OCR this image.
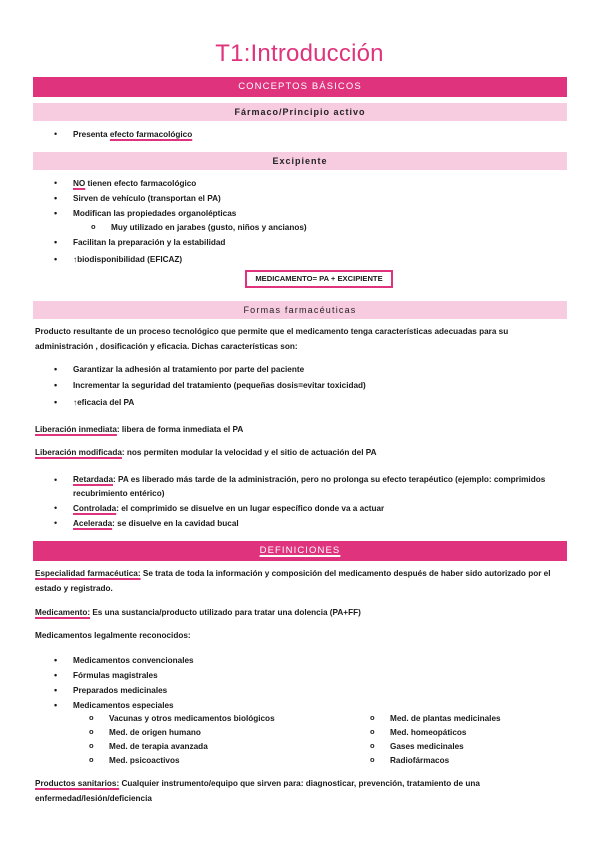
T1:Introducción
CONCEPTOS BÁSICOS
Fármaco/Principio activo
• Presenta efecto farmacológico
Excipiente
• NO tienen efecto farmacológico
• Sirven de vehículo (transportan el PA)
• Modifican las propiedades organolépticas
o Muy utilizado en jarabes (gusto, niños y ancianos)
• Facilitan la preparación y la estabilidad
• ↑biodisponibilidad (EFICAZ)
MEDICAMENTO= PA + EXCIPIENTE
Formas farmacéuticas
Producto resultante de un proceso tecnológico que permite que el medicamento tenga características adecuadas para su administración , dosificación y eficacia. Dichas características son:
• Garantizar la adhesión al tratamiento por parte del paciente
• Incrementar la seguridad del tratamiento (pequeñas dosis=evitar toxicidad)
• ↑eficacia del PA
Liberación inmediata: libera de forma inmediata el PA
Liberación modificada: nos permiten modular la velocidad y el sitio de actuación del PA
• Retardada: PA es liberado más tarde de la administración, pero no prolonga su efecto terapéutico (ejemplo: comprimidos recubrimiento entérico)
• Controlada: el comprimido se disuelve en un lugar específico donde va a actuar
• Acelerada: se disuelve en la cavidad bucal
DEFINICIONES
Especialidad farmacéutica: Se trata de toda la información y composición del medicamento después de haber sido autorizado por el estado y registrado.
Medicamento: Es una sustancia/producto utilizado para tratar una dolencia (PA+FF)
Medicamentos legalmente reconocidos:
• Medicamentos convencionales
• Fórmulas magistrales
• Preparados medicinales
• Medicamentos especiales
o Vacunas y otros medicamentos biológicos
o Med. de origen humano
o Med. de terapia avanzada
o Med. psicoactivos
o Med. de plantas medicinales
o Med. homeopáticos
o Gases medicinales
o Radiofármacos
Productos sanitarios: Cualquier instrumento/equipo que sirven para: diagnosticar, prevención, tratamiento de una enfermedad/lesión/deficiencia
